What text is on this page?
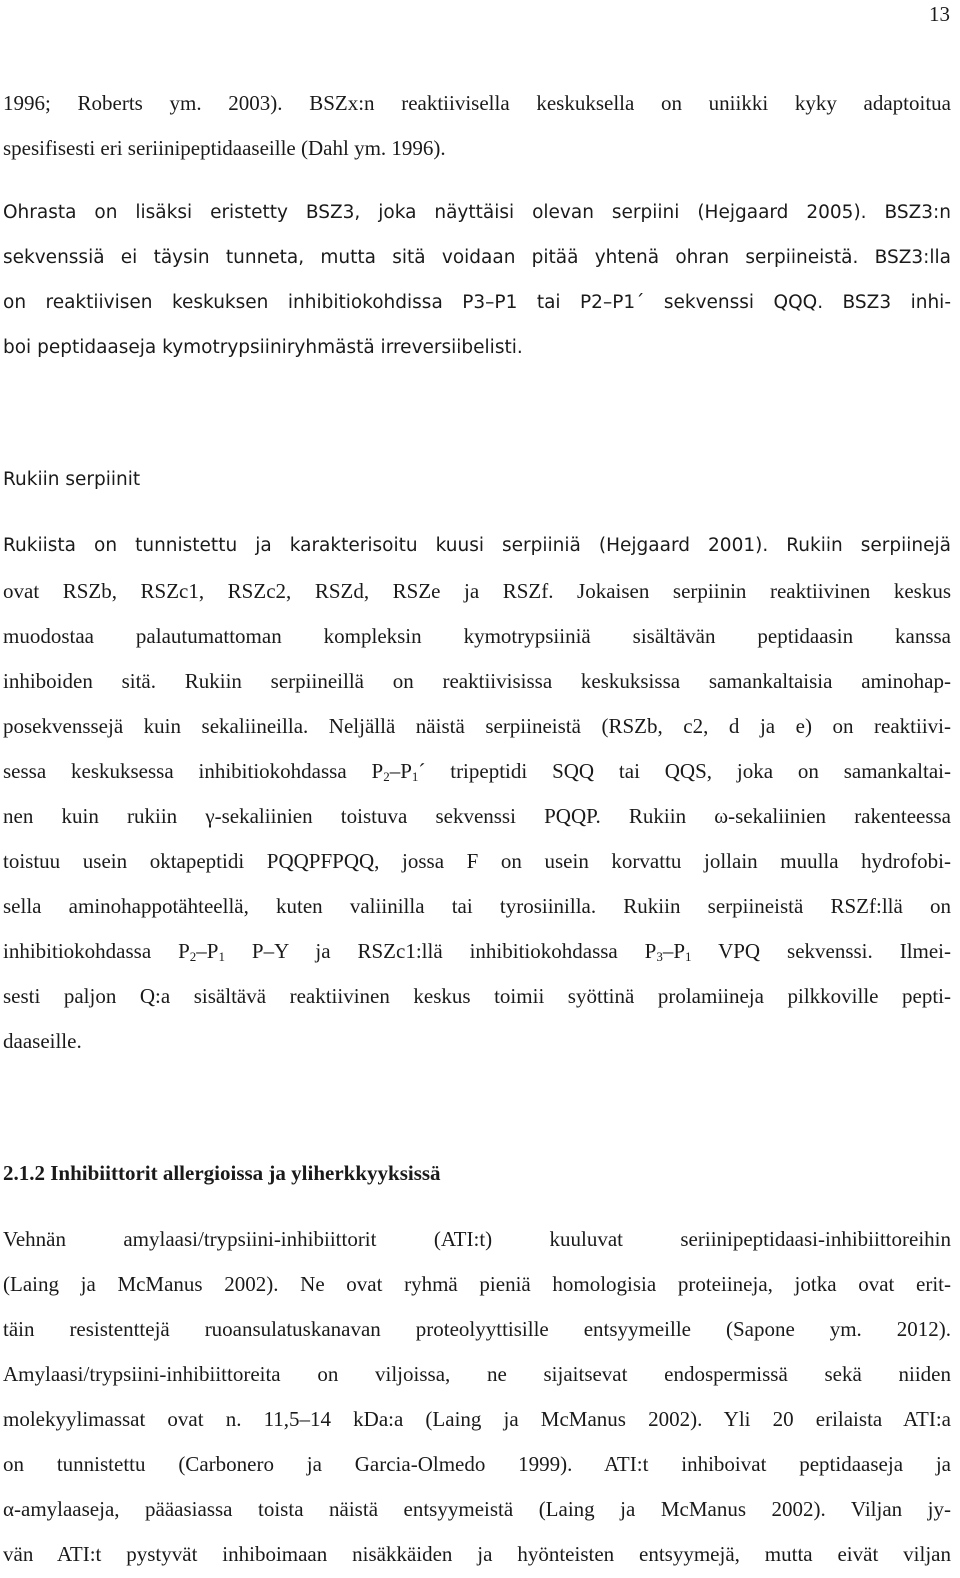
13
1996; Roberts ym. 2003). BSZx:n reaktiivisella keskuksella on uniikki kyky adaptoitua
spesifisesti eri seriinipeptidaaseille (Dahl ym. 1996).
Ohrasta on lisäksi eristetty BSZ3, joka näyttäisi olevan serpiini (Hejgaard 2005). BSZ3:n
sekvenssiä ei täysin tunneta, mutta sitä voidaan pitää yhtenä ohran serpiineistä. BSZ3:lla
on reaktiivisen keskuksen inhibitiokohdissa P3–P1 tai P2–P1´ sekvenssi QQQ. BSZ3 inhi-
boi peptidaaseja kymotrypsiiniryhmästä irreversiibelisti.
Rukiin serpiinit
Rukiista on tunnistettu ja karakterisoitu kuusi serpiiniä (Hejgaard 2001). Rukiin serpiinejä
ovat RSZb, RSZc1, RSZc2, RSZd, RSZe ja RSZf. Jokaisen serpiinin reaktiivinen keskus
muodostaa palautumattoman kompleksin kymotrypsiiniä sisältävän peptidaasin kanssa
inhiboiden sitä. Rukiin serpiineillä on reaktiivisissa keskuksissa samankaltaisia aminohap-
posekvenssejä kuin sekaliineilla. Neljällä näistä serpiineistä (RSZb, c2, d ja e) on reaktiivi-
sessa keskuksessa inhibitiokohdassa $P_2-P_1´$ tripeptidi SQQ tai QQS, joka on samankaltai-
nen kuin rukiin γ-sekaliinien toistuva sekvenssi PQQP. Rukiin ω-sekaliinien rakenteessa
toistuu usein oktapeptidi PQQPFPQQ, jossa F on usein korvattu jollain muulla hydrofobi-
sella aminohappotähteellä, kuten valiinilla tai tyrosiinilla. Rukiin serpiineistä RSZf:llä on
inhibitiokohdassa $P_2-P_1$ P–Y ja RSZc1:llä inhibitiokohdassa $P_3-P_1$ VPQ sekvenssi. Ilmei-
sesti paljon Q:a sisältävä reaktiivinen keskus toimii syöttinä prolamiineja pilkkoville pepti-
daaseille.
2.1.2 Inhibiittorit allergioissa ja yliherkkyyksissä
Vehnän amylaasi/trypsiini-inhibiittorit (ATI:t) kuuluvat seriinipeptidaasi-inhibiittoreihin
(Laing ja McManus 2002). Ne ovat ryhmä pieniä homologisia proteiineja, jotka ovat erit-
täin resistenttejä ruoansulatuskanavan proteolyyttisille entsyymeille (Sapone ym. 2012).
Amylaasi/trypsiini-inhibiittoreita on viljoissa, ne sijaitsevat endospermissä sekä niiden
molekyylimassat ovat n. 11,5–14 kDa:a (Laing ja McManus 2002). Yli 20 erilaista ATI:a
on tunnistettu (Carbonero ja Garcia-Olmedo 1999). ATI:t inhiboivat peptidaaseja ja
α-amylaaseja, pääasiassa toista näistä entsyymeistä (Laing ja McManus 2002). Viljan jy-
vän ATI:t pystyvät inhiboimaan nisäkkäiden ja hyönteisten entsyymejä, mutta eivät viljan
